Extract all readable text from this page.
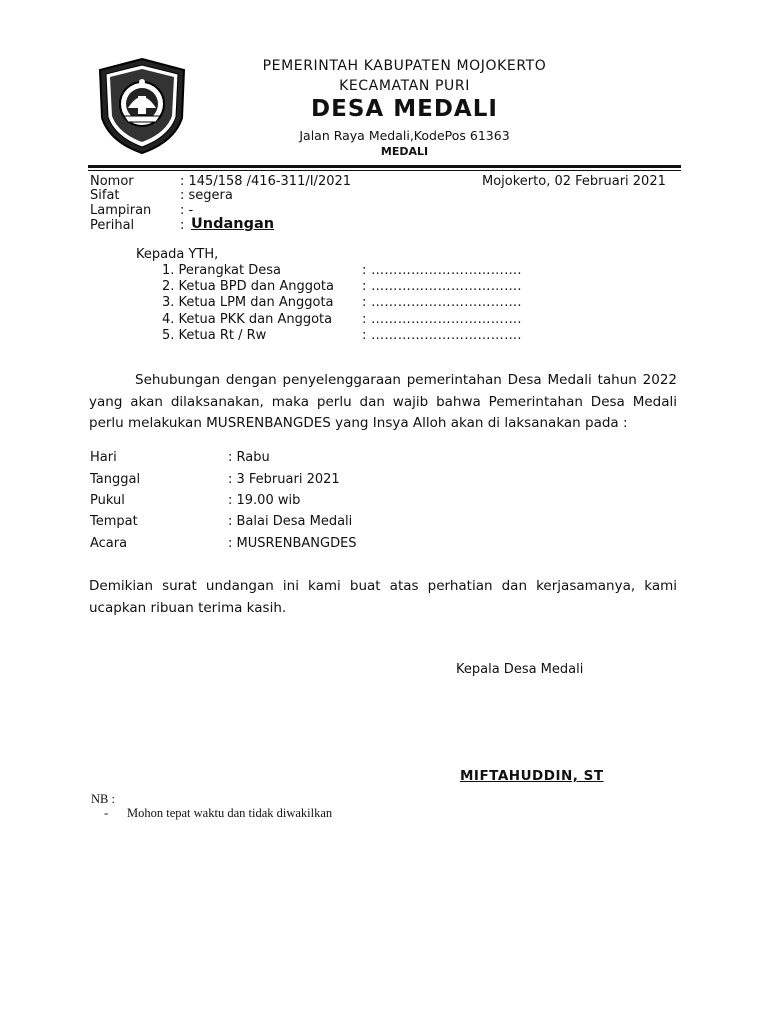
PEMERINTAH KABUPATEN MOJOKERTO
KECAMATAN PURI
DESA MEDALI
Jalan Raya Medali,KodePos 61363
MEDALI
Nomor	: 145/158 /416-311/I/2021	Mojokerto, 02 Februari 2021
Sifat	: segera
Lampiran : -
Perihal	: Undangan
Kepada YTH,
1. Perangkat Desa	: …………………………….
2. Ketua BPD dan Anggota : …………………………….
3. Ketua LPM dan Anggota : …………………………….
4. Ketua PKK dan Anggota : …………………………….
5. Ketua Rt / Rw	: …………………………….
Sehubungan dengan penyelenggaraan pemerintahan Desa Medali tahun 2022 yang akan dilaksanakan, maka perlu dan wajib bahwa Pemerintahan Desa Medali perlu melakukan MUSRENBANGDES yang Insya Alloh akan di laksanakan pada :
Hari	: Rabu
Tanggal	: 3 Februari 2021
Pukul	: 19.00 wib
Tempat	: Balai Desa Medali
Acara	: MUSRENBANGDES
Demikian surat undangan ini kami buat atas perhatian dan kerjasamanya, kami ucapkan ribuan terima kasih.
Kepala Desa Medali
MIFTAHUDDIN, ST
NB :
- Mohon tepat waktu dan tidak diwakilkan
